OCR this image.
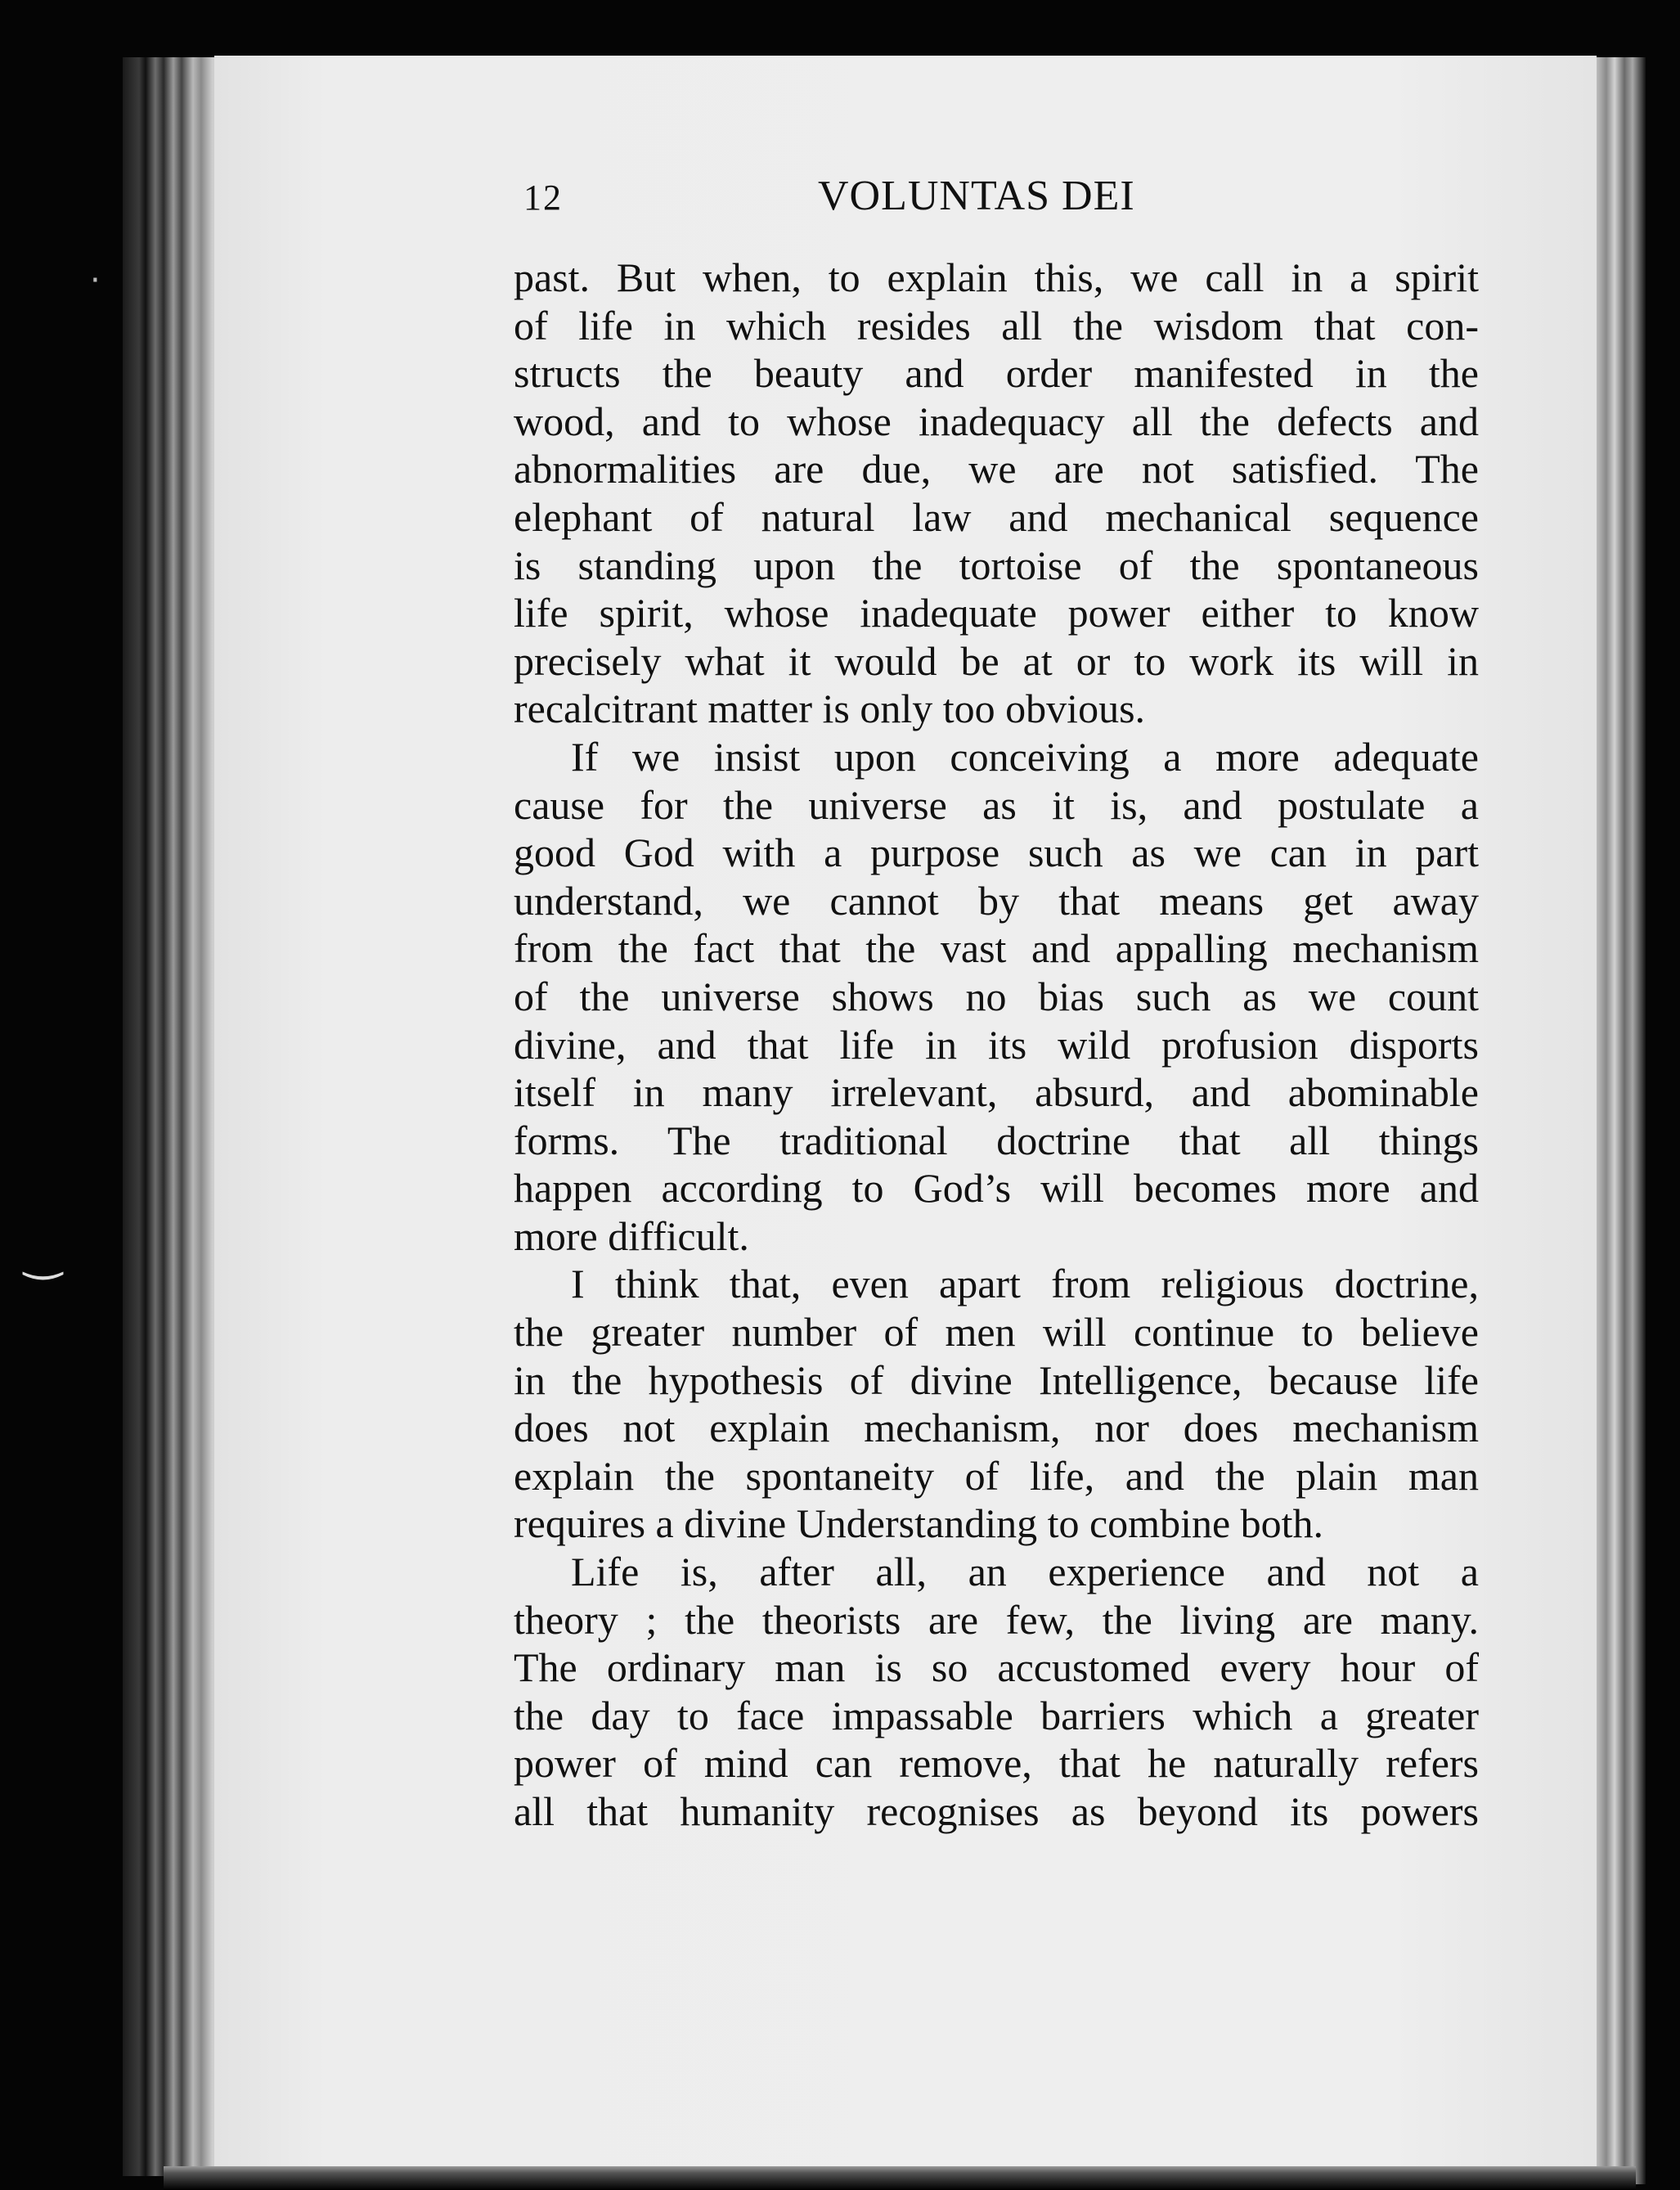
·
‿
12	VOLUNTAS DEI
past. But when, to explain this, we call in a spirit
of life in which resides all the wisdom that con-
structs the beauty and order manifested in the
wood, and to whose inadequacy all the defects and
abnormalities are due, we are not satisfied. The
elephant of natural law and mechanical sequence
is standing upon the tortoise of the spontaneous
life spirit, whose inadequate power either to know
precisely what it would be at or to work its will in
recalcitrant matter is only too obvious.
If we insist upon conceiving a more adequate
cause for the universe as it is, and postulate a
good God with a purpose such as we can in part
understand, we cannot by that means get away
from the fact that the vast and appalling mechanism
of the universe shows no bias such as we count
divine, and that life in its wild profusion disports
itself in many irrelevant, absurd, and abominable
forms. The traditional doctrine that all things
happen according to God’s will becomes more and
more difficult.
I think that, even apart from religious doctrine,
the greater number of men will continue to believe
in the hypothesis of divine Intelligence, because life
does not explain mechanism, nor does mechanism
explain the spontaneity of life, and the plain man
requires a divine Understanding to combine both.
Life is, after all, an experience and not a
theory ; the theorists are few, the living are many.
The ordinary man is so accustomed every hour of
the day to face impassable barriers which a greater
power of mind can remove, that he naturally refers
all that humanity recognises as beyond its powers
